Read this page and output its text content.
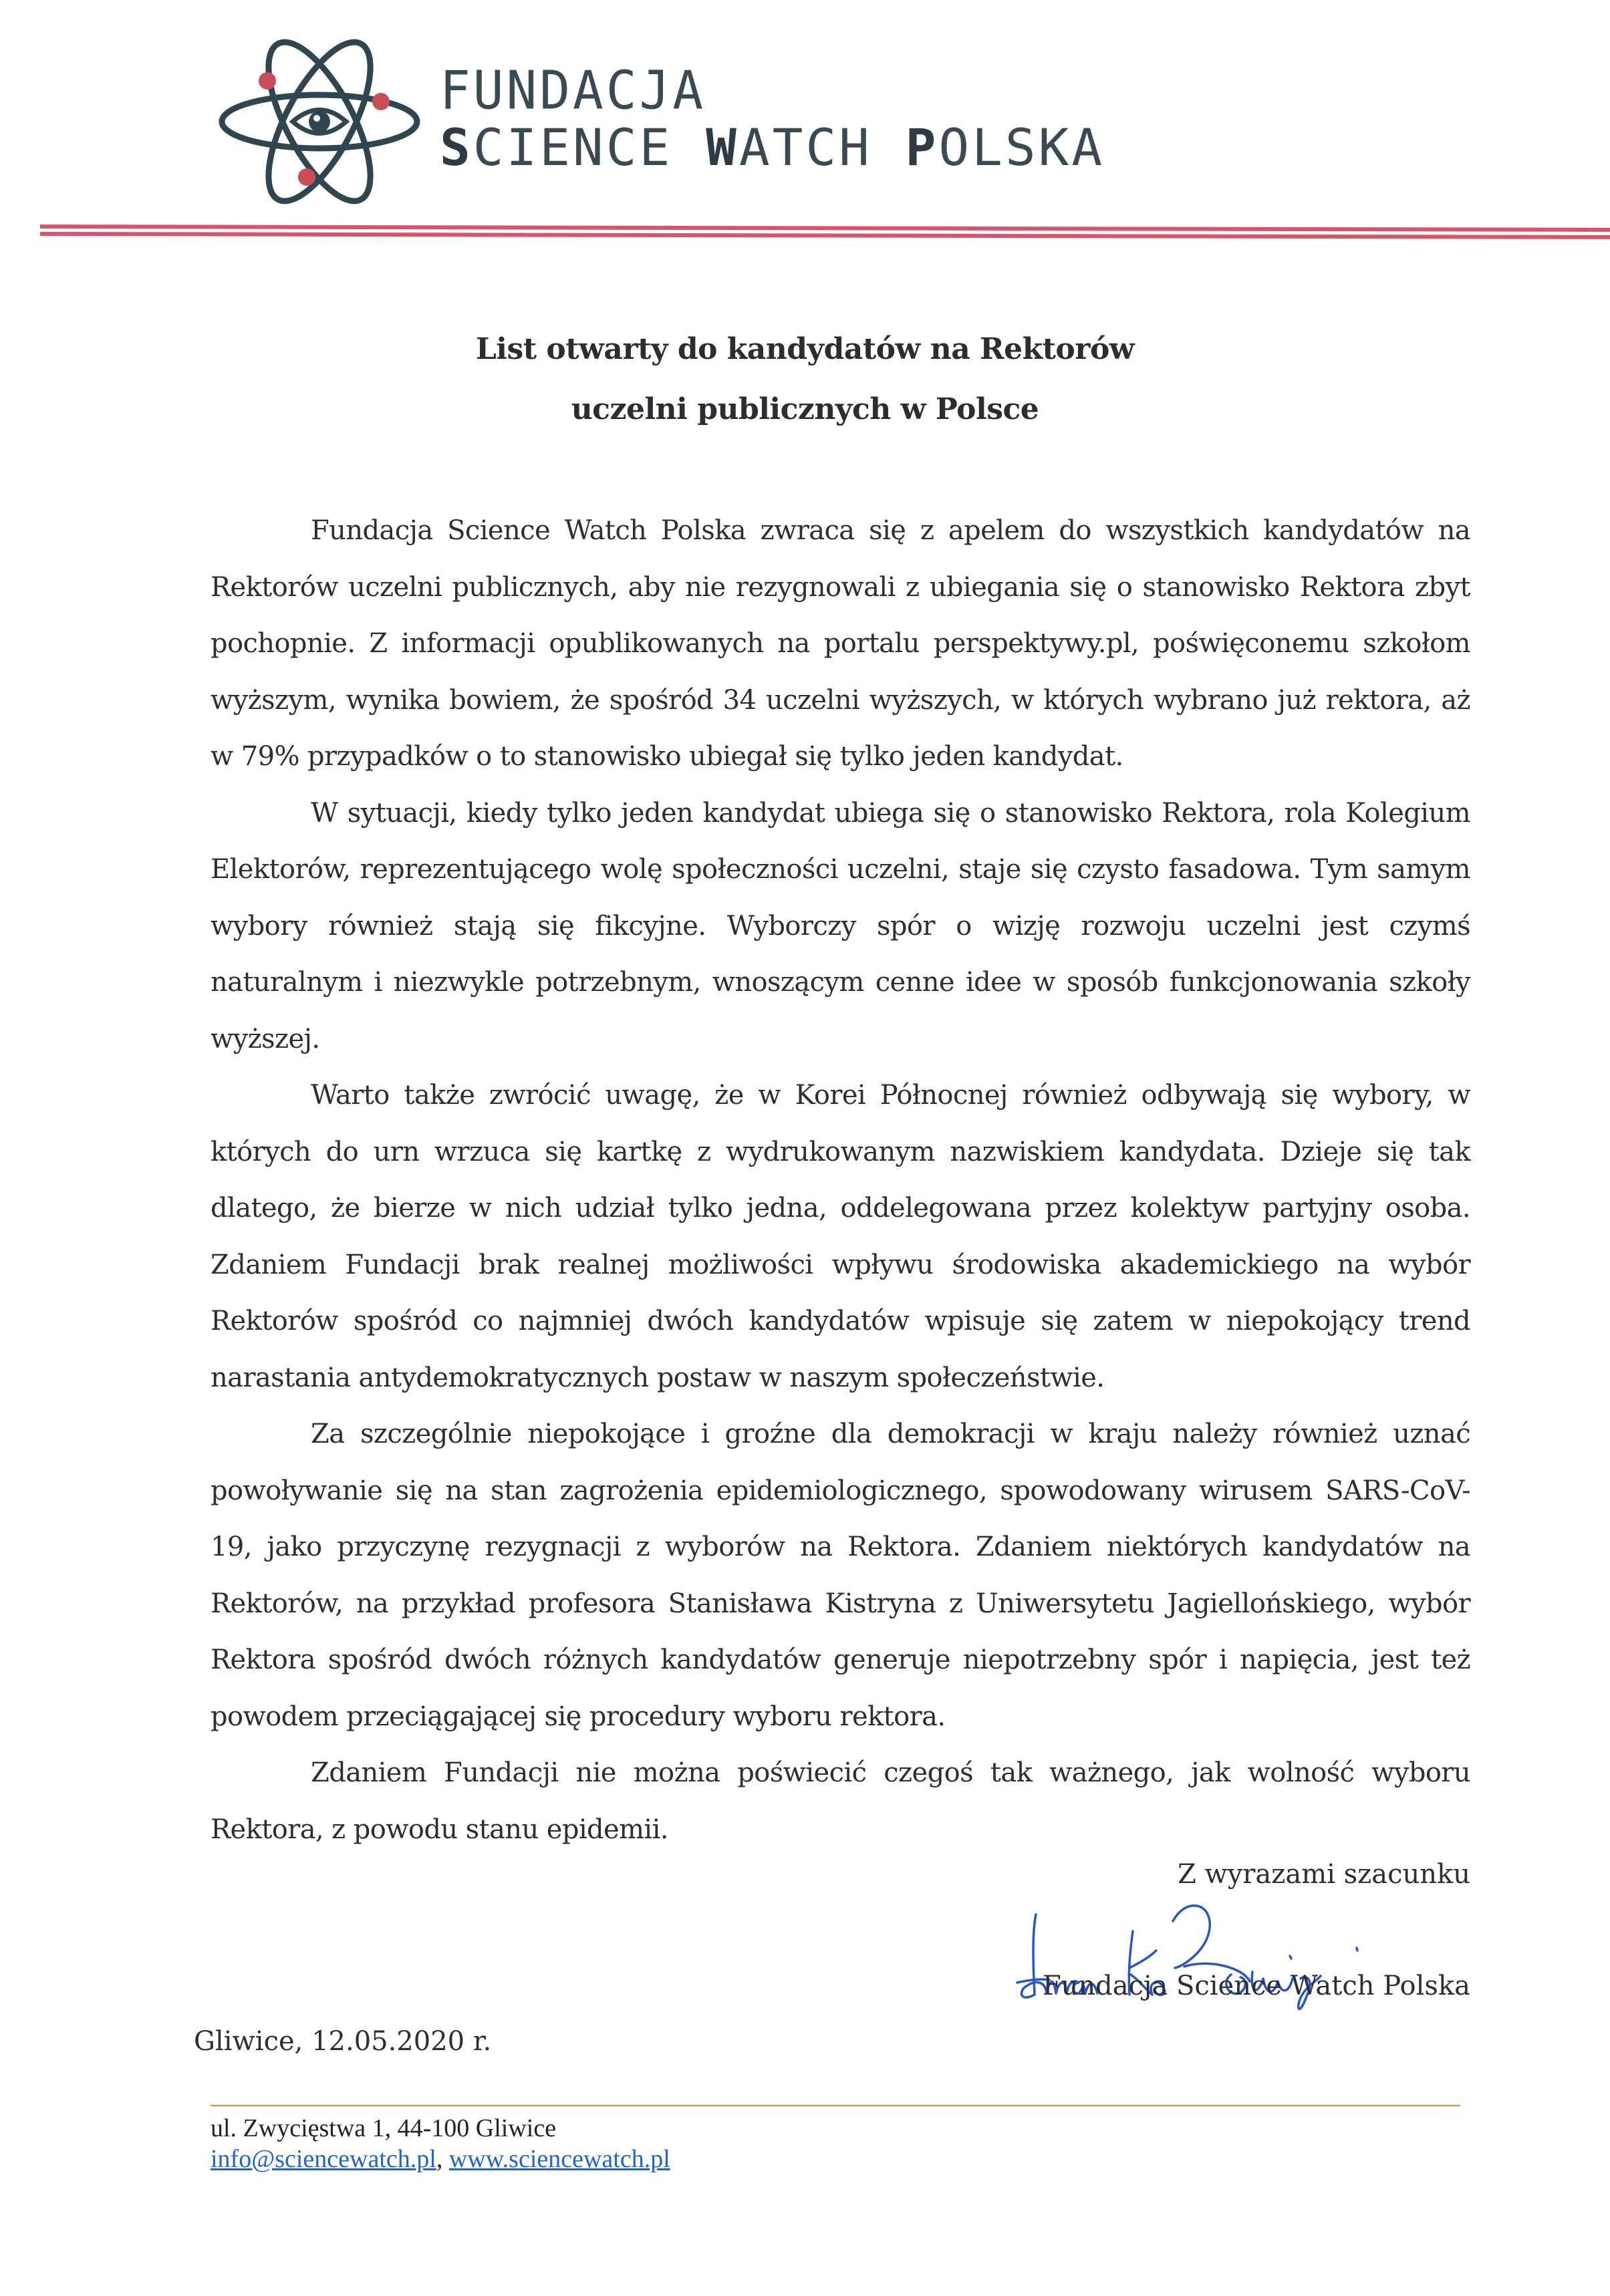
FUNDACJA
SCIENCE WATCH POLSKA
List otwarty do kandydatów na Rektorów
uczelni publicznych w Polsce

Fundacja Science Watch Polska zwraca się z apelem do wszystkich kandydatów na Rektorów uczelni publicznych, aby nie rezygnowali z ubiegania się o stanowisko Rektora zbyt pochopnie. Z informacji opublikowanych na portalu perspektywy.pl, poświęconemu szkołom wyższym, wynika bowiem, że spośród 34 uczelni wyższych, w których wybrano już rektora, aż w 79% przypadków o to stanowisko ubiegał się tylko jeden kandydat.

W sytuacji, kiedy tylko jeden kandydat ubiega się o stanowisko Rektora, rola Kolegium Elektorów, reprezentującego wolę społeczności uczelni, staje się czysto fasadowa. Tym samym wybory również stają się fikcyjne. Wyborczy spór o wizję rozwoju uczelni jest czymś naturalnym i niezwykle potrzebnym, wnoszącym cenne idee w sposób funkcjonowania szkoły wyższej.

Warto także zwrócić uwagę, że w Korei Północnej również odbywają się wybory, w których do urn wrzuca się kartkę z wydrukowanym nazwiskiem kandydata. Dzieje się tak dlatego, że bierze w nich udział tylko jedna, oddelegowana przez kolektyw partyjny osoba. Zdaniem Fundacji brak realnej możliwości wpływu środowiska akademickiego na wybór Rektorów spośród co najmniej dwóch kandydatów wpisuje się zatem w niepokojący trend narastania antydemokratycznych postaw w naszym społeczeństwie.

Za szczególnie niepokojące i groźne dla demokracji w kraju należy również uznać powoływanie się na stan zagrożenia epidemiologicznego, spowodowany wirusem SARS-CoV-19, jako przyczynę rezygnacji z wyborów na Rektora. Zdaniem niektórych kandydatów na Rektorów, na przykład profesora Stanisława Kistryna z Uniwersytetu Jagiellońskiego, wybór Rektora spośród dwóch różnych kandydatów generuje niepotrzebny spór i napięcia, jest też powodem przeciągającej się procedury wyboru rektora.

Zdaniem Fundacji nie można poświecić czegoś tak ważnego, jak wolność wyboru Rektora, z powodu stanu epidemii.

Z wyrazami szacunku
Fundacja Science Watch Polska
Gliwice, 12.05.2020 r.
ul. Zwycięstwa 1, 44-100 Gliwice
info@sciencewatch.pl, www.sciencewatch.pl
